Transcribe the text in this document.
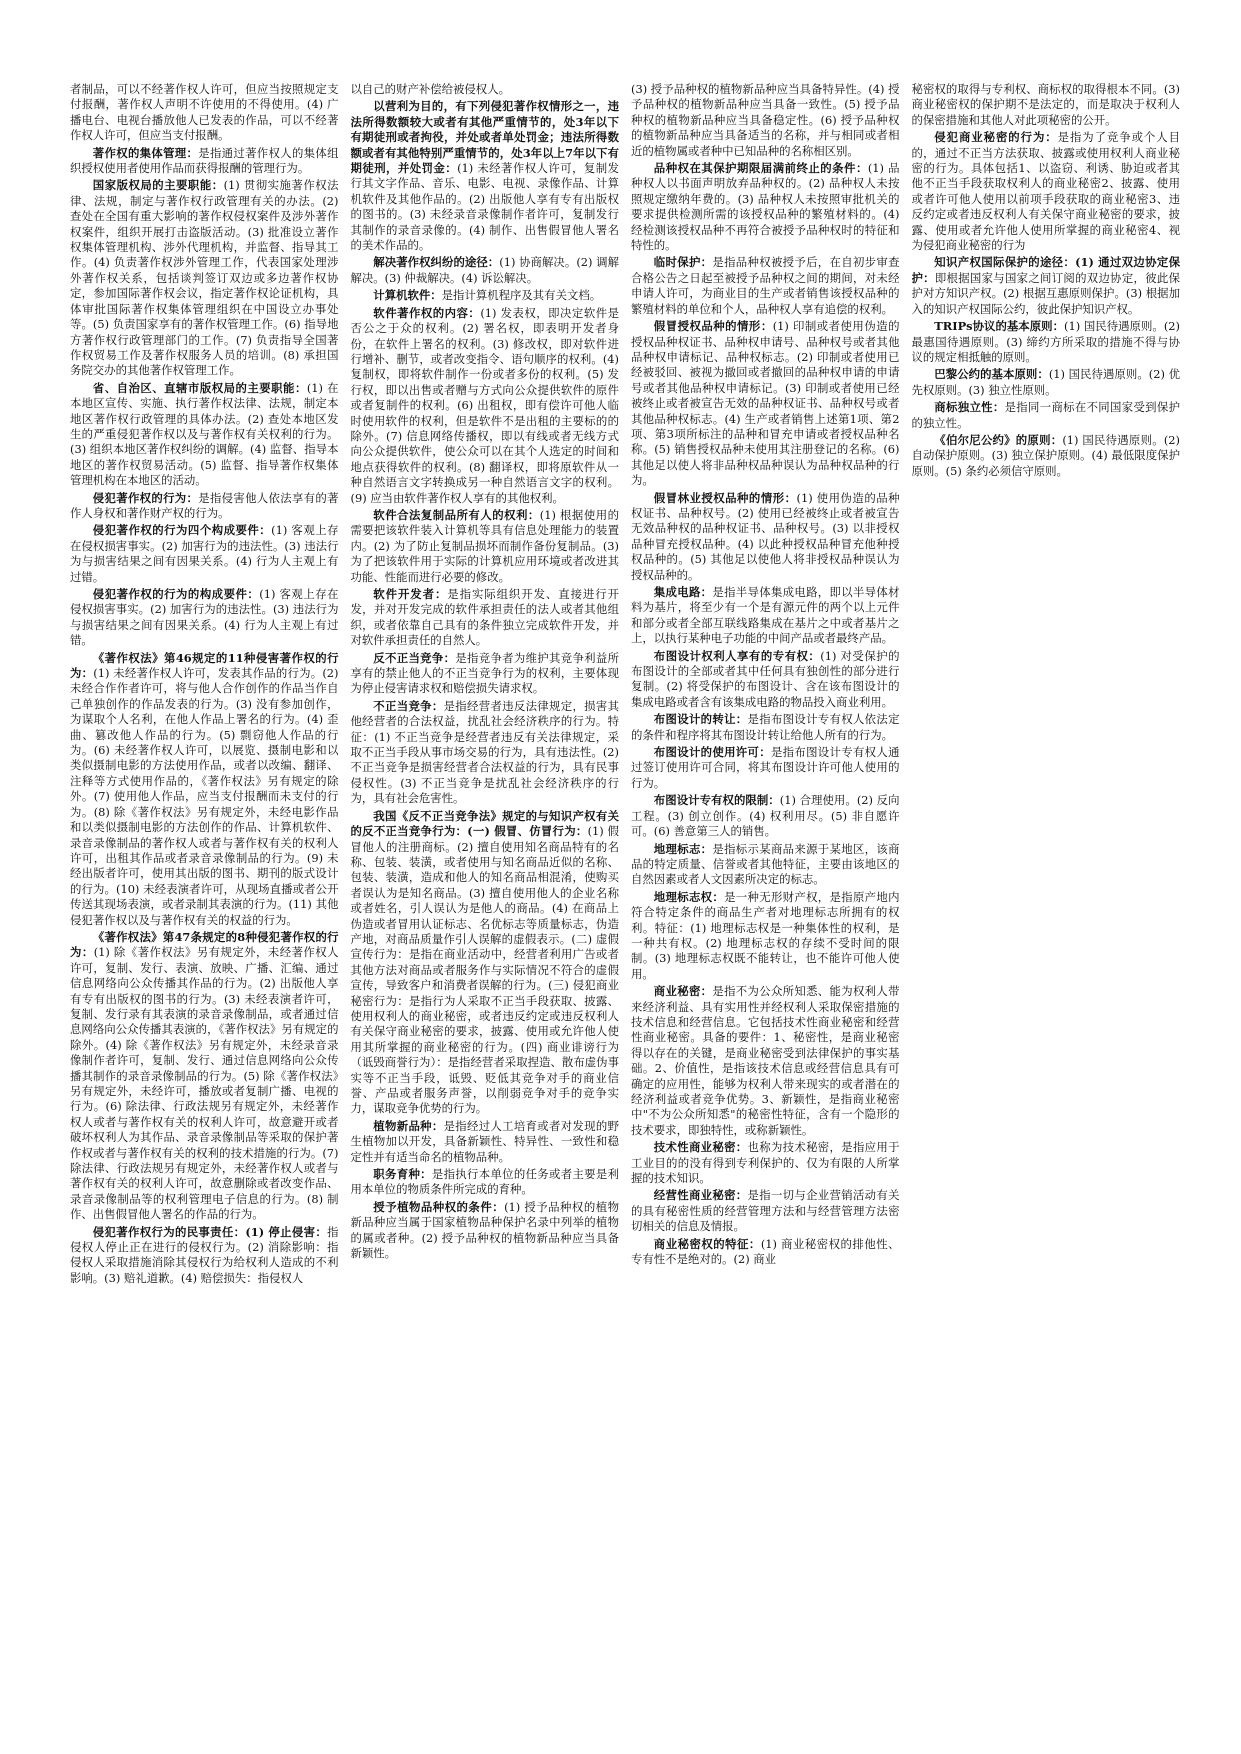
者制品，可以不经著作权人许可，但应当按照规定支付报酬，著作权人声明不许使用的不得使用。(4) 广播电台、电视台播放他人已发表的作品，可以不经著作权人许可，但应当支付报酬。

著作权的集体管理：是指通过著作权人的集体组织授权使用者使用作品而获得报酬的管理行为。

国家版权局的主要职能：(1) 贯彻实施著作权法律、法规，制定与著作权行政管理有关的办法。(2) 查处在全国有重大影响的著作权侵权案件及涉外著作权案件，组织开展打击盗版活动。(3) 批准设立著作权集体管理机构、涉外代理机构，并监督、指导其工作。(4) 负责著作权涉外管理工作，代表国家处理涉外著作权关系，包括谈判签订双边或多边著作权协定，参加国际著作权会议，指定著作权论证机构，具体审批国际著作权集体管理组织在中国设立办事处等。(5) 负责国家享有的著作权管理工作。(6) 指导地方著作权行政管理部门的工作。(7) 负责指导全国著作权贸易工作及著作权服务人员的培训。(8) 承担国务院交办的其他著作权管理工作。

省、自治区、直辖市版权局的主要职能：(1) 在本地区宣传、实施、执行著作权法律、法规，制定本地区著作权行政管理的具体办法。(2) 查处本地区发生的严重侵犯著作权以及与著作权有关权利的行为。(3) 组织本地区著作权纠纷的调解。(4) 监督、指导本地区的著作权贸易活动。(5) 监督、指导著作权集体管理机构在本地区的活动。

侵犯著作权的行为：是指侵害他人依法享有的著作人身权和著作财产权的行为。

侵犯著作权的行为四个构成要件：(1) 客观上存在侵权损害事实。(2) 加害行为的违法性。(3) 违法行为与损害结果之间有因果关系。(4) 行为人主观上有过错。

侵犯著作权的行为的构成要件：(1) 客观上存在侵权损害事实。(2) 加害行为的违法性。(3) 违法行为与损害结果之间有因果关系。(4) 行为人主观上有过错。

《著作权法》第46规定的11种侵害著作权的行为：(1) 未经著作权人许可，发表其作品的行为。(2) 未经合作作者许可，将与他人合作创作的作品当作自己单独创作的作品发表的行为。(3) 没有参加创作，为谋取个人名利，在他人作品上署名的行为。(4) 歪曲、篡改他人作品的行为。(5) 剽窃他人作品的行为。(6) 未经著作权人许可，以展览、摄制电影和以类似摄制电影的方法使用作品，或者以改编、翻译、注释等方式使用作品的，《著作权法》另有规定的除外。(7) 使用他人作品，应当支付报酬而未支付的行为。(8) 除《著作权法》另有规定外，未经电影作品和以类似摄制电影的方法创作的作品、计算机软件、录音录像制品的著作权人或者与著作权有关的权利人许可，出租其作品或者录音录像制品的行为。(9) 未经出版者许可，使用其出版的图书、期刊的版式设计的行为。(10) 未经表演者许可，从现场直播或者公开传送其现场表演，或者录制其表演的行为。(11) 其他侵犯著作权以及与著作权有关的权益的行为。

《著作权法》第47条规定的8种侵犯著作权的行为：(1) 除《著作权法》另有规定外，未经著作权人许可，复制、发行、表演、放映、广播、汇编、通过信息网络向公众传播其作品的行为。(2) 出版他人享有专有出版权的图书的行为。(3) 未经表演者许可，复制、发行录有其表演的录音录像制品，或者通过信息网络向公众传播其表演的，《著作权法》另有规定的除外。(4) 除《著作权法》另有规定外，未经录音录像制作者许可，复制、发行、通过信息网络向公众传播其制作的录音录像制品的行为。(5) 除《著作权法》另有规定外，未经许可，播放或者复制广播、电视的行为。(6) 除法律、行政法规另有规定外，未经著作权人或者与著作权有关的权利人许可，故意避开或者破坏权利人为其作品、录音录像制品等采取的保护著作权或者与著作权有关的权利的技术措施的行为。(7) 除法律、行政法规另有规定外，未经著作权人或者与著作权有关的权利人许可，故意删除或者改变作品、录音录像制品等的权利管理电子信息的行为。(8) 制作、出售假冒他人署名的作品的行为。

侵犯著作权行为的民事责任：(1) 停止侵害：指侵权人停止正在进行的侵权行为。(2) 消除影响：指侵权人采取措施消除其侵权行为给权利人造成的不利影响。(3) 赔礼道歉。(4) 赔偿损失：指侵权人

以自己的财产补偿给被侵权人。

以营利为目的，有下列侵犯著作权情形之一，违法所得数额较大或者有其他严重情节的，处3年以下有期徒刑或者拘役，并处或者单处罚金；违法所得数额或者有其他特别严重情节的，处3年以上7年以下有期徒刑，并处罚金：(1) 未经著作权人许可，复制发行其文字作品、音乐、电影、电视、录像作品、计算机软件及其他作品的。(2) 出版他人享有专有出版权的图书的。(3) 未经录音录像制作者许可，复制发行其制作的录音录像的。(4) 制作、出售假冒他人署名的美术作品的。

解决著作权纠纷的途径：(1) 协商解决。(2) 调解解决。(3) 仲裁解决。(4) 诉讼解决。

计算机软件：是指计算机程序及其有关文档。

软件著作权的内容：(1) 发表权，即决定软件是否公之于众的权利。(2) 署名权，即表明开发者身份，在软件上署名的权利。(3) 修改权，即对软件进行增补、删节，或者改变指令、语句顺序的权利。(4) 复制权，即将软件制作一份或者多份的权利。(5) 发行权，即以出售或者赠与方式向公众提供软件的原件或者复制件的权利。(6) 出租权，即有偿许可他人临时使用软件的权利，但是软件不是出租的主要标的的除外。(7) 信息网络传播权，即以有线或者无线方式向公众提供软件，使公众可以在其个人选定的时间和地点获得软件的权利。(8) 翻译权，即将原软件从一种自然语言文字转换成另一种自然语言文字的权利。(9) 应当由软件著作权人享有的其他权利。

软件合法复制品所有人的权利：(1) 根据使用的需要把该软件装入计算机等具有信息处理能力的装置内。(2) 为了防止复制品损坏而制作备份复制品。(3) 为了把该软件用于实际的计算机应用环境或者改进其功能、性能而进行必要的修改。

软件开发者：是指实际组织开发、直接进行开发，并对开发完成的软件承担责任的法人或者其他组织，或者依靠自己具有的条件独立完成软件开发，并对软件承担责任的自然人。

反不正当竞争：是指竞争者为维护其竞争利益所享有的禁止他人的不正当竞争行为的权利，主要体现为停止侵害请求权和赔偿损失请求权。

不正当竞争：是指经营者违反法律规定，损害其他经营者的合法权益，扰乱社会经济秩序的行为。特征：(1) 不正当竞争是经营者违反有关法律规定，采取不正当手段从事市场交易的行为，具有违法性。(2) 不正当竞争是损害经营者合法权益的行为，具有民事侵权性。(3) 不正当竞争是扰乱社会经济秩序的行为，具有社会危害性。

我国《反不正当竞争法》规定的与知识产权有关的反不正当竞争行为：(一) 假冒、仿冒行为：(1) 假冒他人的注册商标。(2) 擅自使用知名商品特有的名称、包装、装潢，或者使用与知名商品近似的名称、包装、装潢，造成和他人的知名商品相混淆，使购买者误认为是知名商品。(3) 擅自使用他人的企业名称或者姓名，引人误认为是他人的商品。(4) 在商品上伪造或者冒用认证标志、名优标志等质量标志，伪造产地，对商品质量作引人误解的虚假表示。(二) 虚假宣传行为：是指在商业活动中，经营者利用广告或者其他方法对商品或者服务作与实际情况不符合的虚假宣传，导致客户和消费者误解的行为。(三) 侵犯商业秘密行为：是指行为人采取不正当手段获取、披露、使用权利人的商业秘密，或者违反约定或违反权利人有关保守商业秘密的要求，披露、使用或允许他人使用其所掌握的商业秘密的行为。(四) 商业诽谤行为（诋毁商誉行为）：是指经营者采取捏造、散布虚伪事实等不正当手段，诋毁、贬低其竞争对手的商业信誉、产品或者服务声誉，以削弱竞争对手的竞争实力，谋取竞争优势的行为。

植物新品种：是指经过人工培育或者对发现的野生植物加以开发，具备新颖性、特异性、一致性和稳定性并有适当命名的植物品种。

职务育种：是指执行本单位的任务或者主要是利用本单位的物质条件所完成的育种。

授予植物品种权的条件：(1) 授予品种权的植物新品种应当属于国家植物品种保护名录中列举的植物的属或者种。(2) 授予品种权的植物新品种应当具备新颖性。

(3) 授予品种权的植物新品种应当具备特异性。(4) 授予品种权的植物新品种应当具备一致性。(5) 授予品种权的植物新品种应当具备稳定性。(6) 授予品种权的植物新品种应当具备适当的名称，并与相同或者相近的植物属或者种中已知品种的名称相区别。

品种权在其保护期限届满前终止的条件：(1) 品种权人以书面声明放弃品种权的。(2) 品种权人未按照规定缴纳年费的。(3) 品种权人未按照审批机关的要求提供检测所需的该授权品种的繁殖材料的。(4) 经检测该授权品种不再符合被授予品种权时的特征和特性的。

临时保护：是指品种权被授予后，在自初步审查合格公告之日起至被授予品种权之间的期间，对未经申请人许可，为商业目的生产或者销售该授权品种的繁殖材料的单位和个人，品种权人享有追偿的权利。

假冒授权品种的情形：(1) 印制或者使用伪造的授权品种权证书、品种权申请号、品种权号或者其他品种权申请标记、品种权标志。(2) 印制或者使用已经被驳回、被视为撤回或者撤回的品种权申请的申请号或者其他品种权申请标记。(3) 印制或者使用已经被终止或者被宣告无效的品种权证书、品种权号或者其他品种权标志。(4) 生产或者销售上述第1项、第2项、第3项所标注的品种和冒充申请或者授权品种名称。(5) 销售授权品种未使用其注册登记的名称。(6) 其他足以使人将非品种权品种误认为品种权品种的行为。

假冒林业授权品种的情形：(1) 使用伪造的品种权证书、品种权号。(2) 使用已经被终止或者被宣告无效品种权的品种权证书、品种权号。(3) 以非授权品种冒充授权品种。(4) 以此种授权品种冒充他种授权品种的。(5) 其他足以使他人将非授权品种误认为授权品种的。

集成电路：是指半导体集成电路，即以半导体材料为基片，将至少有一个是有源元件的两个以上元件和部分或者全部互联线路集成在基片之中或者基片之上，以执行某种电子功能的中间产品或者最终产品。

布图设计权利人享有的专有权：(1) 对受保护的布图设计的全部或者其中任何具有独创性的部分进行复制。(2) 将受保护的布图设计、含在该布图设计的集成电路或者含有该集成电路的物品投入商业利用。

布图设计的转让：是指布图设计专有权人依法定的条件和程序将其布图设计转让给他人所有的行为。

布图设计的使用许可：是指布图设计专有权人通过签订使用许可合同，将其布图设计许可他人使用的行为。

布图设计专有权的限制：(1) 合理使用。(2) 反向工程。(3) 创立创作。(4) 权利用尽。(5) 非自愿许可。(6) 善意第三人的销售。

地理标志：是指标示某商品来源于某地区，该商品的特定质量、信誉或者其他特征，主要由该地区的自然因素或者人文因素所决定的标志。

地理标志权：是一种无形财产权，是指原产地内符合特定条件的商品生产者对地理标志所拥有的权利。特征：(1) 地理标志权是一种集体性的权利，是一种共有权。(2) 地理标志权的存续不受时间的限制。(3) 地理标志权既不能转让，也不能许可他人使用。

商业秘密：是指不为公众所知悉、能为权利人带来经济利益、具有实用性并经权利人采取保密措施的技术信息和经营信息。它包括技术性商业秘密和经营性商业秘密。具备的要件：1、秘密性，是商业秘密得以存在的关键，是商业秘密受到法律保护的事实基础。2、价值性，是指该技术信息或经营信息具有可确定的应用性，能够为权利人带来现实的或者潜在的经济利益或者竞争优势。3、新颖性，是指商业秘密中"不为公众所知悉"的秘密性特征，含有一个隐形的技术要求，即独特性，或称新颖性。

技术性商业秘密：也称为技术秘密，是指应用于工业目的的没有得到专利保护的、仅为有限的人所掌握的技术知识。

经营性商业秘密：是指一切与企业营销活动有关的具有秘密性质的经营管理方法和与经营管理方法密切相关的信息及情报。

商业秘密权的特征：(1) 商业秘密权的排他性、专有性不是绝对的。(2) 商业

秘密权的取得与专利权、商标权的取得根本不同。(3) 商业秘密权的保护期不是法定的，而是取决于权利人的保密措施和其他人对此项秘密的公开。

侵犯商业秘密的行为：是指为了竞争或个人目的，通过不正当方法获取、披露或使用权利人商业秘密的行为。具体包括1、以盗窃、利诱、胁迫或者其他不正当手段获取权利人的商业秘密2、披露、使用或者许可他人使用以前项手段获取的商业秘密3、违反约定或者违反权利人有关保守商业秘密的要求，披露、使用或者允许他人使用所掌握的商业秘密4、视为侵犯商业秘密的行为

知识产权国际保护的途径：(1) 通过双边协定保护：即根据国家与国家之间订阅的双边协定，彼此保护对方知识产权。(2) 根据互惠原则保护。(3) 根据加入的知识产权国际公约，彼此保护知识产权。

TRIPs协议的基本原则：(1) 国民待遇原则。(2) 最惠国待遇原则。(3) 缔约方所采取的措施不得与协议的规定相抵触的原则。

巴黎公约的基本原则：(1) 国民待遇原则。(2) 优先权原则。(3) 独立性原则。

商标独立性：是指同一商标在不同国家受到保护的独立性。

《伯尔尼公约》的原则：(1) 国民待遇原则。(2) 自动保护原则。(3) 独立保护原则。(4) 最低限度保护原则。(5) 条约必须信守原则。
